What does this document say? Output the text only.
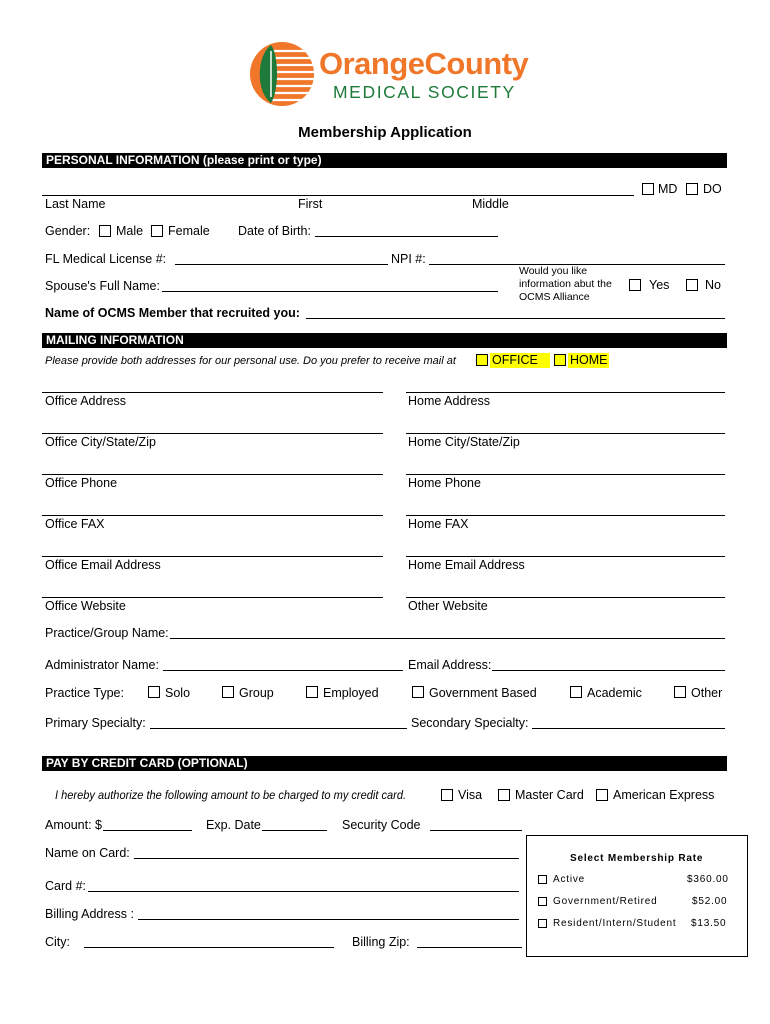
OrangeCounty
MEDICAL SOCIETY
Membership Application
PERSONAL INFORMATION (please print or type)
MD DO
Last Name	First	Middle
Gender: Male Female Date of Birth:
FL Medical License #:	NPI #:
Spouse's Full Name:
Would you like
information abut the
OCMS Alliance
Yes	No
Name of OCMS Member that recruited you:
MAILING INFORMATION
Please provide both addresses for our personal use. Do you prefer to receive mail at	OFFICE	HOME
Office Address	Home Address
Office City/State/Zip	Home City/State/Zip
Office Phone	Home Phone
Office FAX	Home FAX
Office Email Address	Home Email Address
Office Website	Other Website
Practice/Group Name:
Administrator Name:	Email Address:
Practice Type:	Solo	Group	Employed	Government Based	Academic	Other
Primary Specialty:	Secondary Specialty:
PAY BY CREDIT CARD (OPTIONAL)
I hereby authorize the following amount to be charged to my credit card.	Visa	Master Card American Express
Amount: $	Exp. Date	Security Code
Name on Card:
Card #:
Billing Address :
City:	Billing Zip:
Select Membership Rate
Active	$360.00
Government/Retired	$52.00
Resident/Intern/Student $13.50
